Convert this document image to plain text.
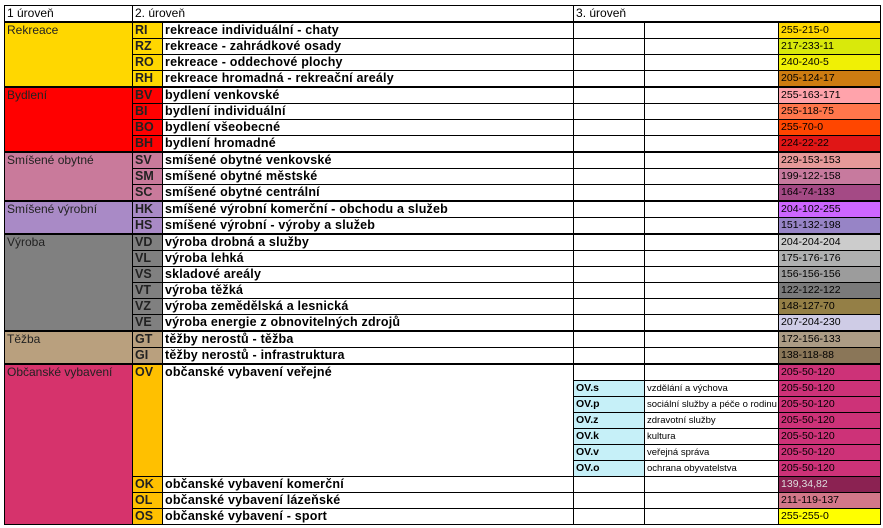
1 úroveň	2. úroveň		3. úroveň		
Rekreace	RI	rekreace individuální - chaty			255-215-0
	RZ	rekreace - zahrádkové osady			217-233-11
	RO	rekreace - oddechové plochy			240-240-5
	RH	rekreace hromadná - rekreační areály			205-124-17
Bydlení	BV	bydlení venkovské			255-163-171
	BI	bydlení individuální			255-118-75
	BO	bydlení všeobecné			255-70-0
	BH	bydlení hromadné			224-22-22
Smíšené obytné	SV	smíšené obytné venkovské			229-153-153
	SM	smíšené obytné městské			199-122-158
	SC	smíšené obytné centrální			164-74-133
Smíšené výrobní	HK	smíšené výrobní komerční - obchodu a služeb			204-102-255
	HS	smíšené výrobní - výroby a služeb			151-132-198
Výroba	VD	výroba drobná a služby			204-204-204
	VL	výroba lehká			175-176-176
	VS	skladové areály			156-156-156
	VT	výroba těžká			122-122-122
	VZ	výroba zemědělská a lesnická			148-127-70
	VE	výroba energie z obnovitelných zdrojů			207-204-230
Těžba	GT	těžby nerostů - těžba			172-156-133
	GI	těžby nerostů - infrastruktura			138-118-88
Občanské vybavení	OV	občanské vybavení veřejné			205-50-120
			OV.s	vzdělání a výchova	205-50-120
			OV.p	sociální služby a péče o rodinu	205-50-120
			OV.z	zdravotní služby	205-50-120
			OV.k	kultura	205-50-120
			OV.v	veřejná správa	205-50-120
			OV.o	ochrana obyvatelstva	205-50-120
	OK	občanské vybavení komerční			139,34,82
	OL	občanské vybavení lázeňské			211-119-137
	OS	občanské vybavení - sport			255-255-0
